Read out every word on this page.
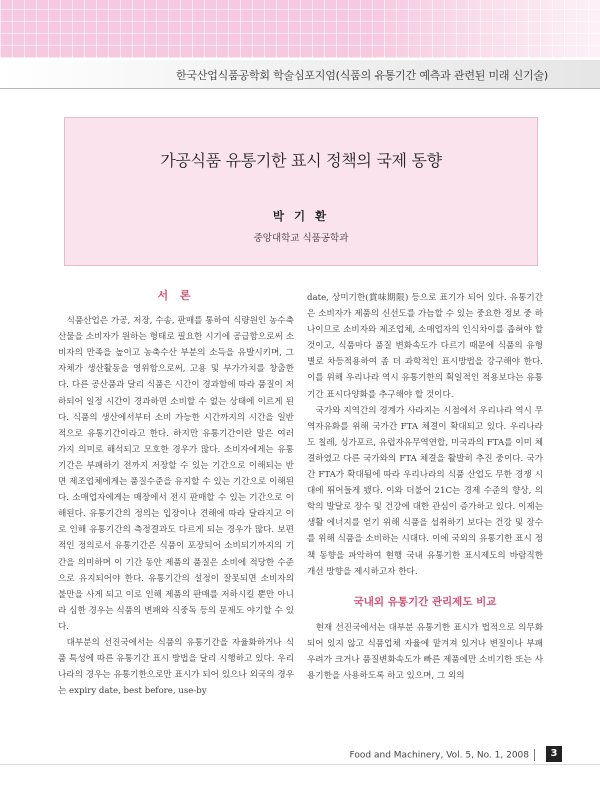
한국산업식품공학회 학술심포지엄(식품의 유통기간 예측과 관련된 미래 신기술)
가공식품 유통기한 표시 정책의 국제 동향
박 기 환
중앙대학교 식품공학과
서 론

식품산업은 가공, 저장, 수송, 판매를 통하여 식량원인 농수축산물을 소비자가 원하는 형태로 필요한 시기에 공급함으로써 소비자의 만족을 높이고 농축수산 부분의 소득을 유발시키며, 그 자체가 생산활동을 영위함으로써, 고용 및 부가가치를 창출한다. 다른 공산품과 달리 식품은 시간이 경과함에 따라 품질이 저하되어 일정 시간이 경과하면 소비할 수 없는 상태에 이르게 된다. 식품의 생산에서부터 소비 가능한 시간까지의 시간을 일반적으로 유통기간이라고 한다. 하지만 유통기간이란 말은 여러 가지 의미로 해석되고 모호한 경우가 많다. 소비자에게는 유통기간은 부패하기 전까지 저장할 수 있는 기간으로 이해되는 반면 제조업체에게는 품질수준을 유지할 수 있는 기간으로 이해된다. 소매업자에게는 매장에서 전시 판매할 수 있는 기간으로 이해된다. 유통기간의 정의는 입장이나 견해에 따라 달라지고 이로 인해 유통기간의 측정결과도 다르게 되는 경우가 많다. 보편적인 정의로서 유통기간은 식품이 포장되어 소비되기까지의 기간을 의미하며 이 기간 동안 제품의 품질은 소비에 적당한 수준으로 유지되어야 한다. 유통기간의 설정이 잘못되면 소비자의 불만을 사게 되고 이로 인해 제품의 판매를 저하시킬 뿐만 아니라 심한 경우는 식품의 변패와 식중독 등의 문제도 야기할 수 있다.

대부분의 선진국에서는 식품의 유통기간을 자율화하거나 식품 특성에 따른 유통기간 표시 방법을 달리 시행하고 있다. 우리나라의 경우는 유통기한으로만 표시가 되어 있으나 외국의 경우는 expiry date, best before, use-by

date, 상미기한(賞味期限) 등으로 표기가 되어 있다. 유통기간은 소비자가 제품의 신선도를 가늠할 수 있는 중요한 정보 중 하나이므로 소비자와 제조업체, 소매업자의 인식차이를 좁혀야 할 것이고, 식품마다 품질 변화속도가 다르기 때문에 식품의 유형별로 차등적용하여 좀 더 과학적인 표시방법을 강구해야 한다. 이를 위해 우리나라 역시 유통기한의 획일적인 적용보다는 유통기간 표시다양화를 추구해야 할 것이다.

국가와 지역간의 경계가 사라지는 시점에서 우리나라 역시 무역자유화를 위해 국가간 FTA 체결이 확대되고 있다. 우리나라도 칠레, 싱가포르, 유럽자유무역연합, 미국과의 FTA를 이미 체결하였고 다른 국가와의 FTA 체결을 활발히 추진 중이다. 국가간 FTA가 확대됨에 따라 우리나라의 식품 산업도 무한 경쟁 시대에 뛰어들게 됐다. 이와 더불어 21C는 경제 수준의 향상, 의학의 발달로 장수 및 건강에 대한 관심이 증가하고 있다. 이제는 생활 에너지를 얻기 위해 식품을 섭취하기 보다는 건강 및 장수를 위해 식품을 소비하는 시대다. 이에 국외의 유통기한 표시 정책 동향을 파악하여 현행 국내 유통기한 표시제도의 바람직한 개선 방향을 제시하고자 한다.

국내외 유통기간 관리제도 비교

현재 선진국에서는 대부분 유통기한 표시가 법적으로 의무화되어 있지 않고 식품업체 자율에 맡겨져 있거나 변질이나 부패우려가 크거나 품질변화속도가 빠른 제품에만 소비기한 또는 사용기한을 사용하도록 하고 있으며, 그 외의

Food and Machinery, Vol. 5, No. 1, 2008	3
